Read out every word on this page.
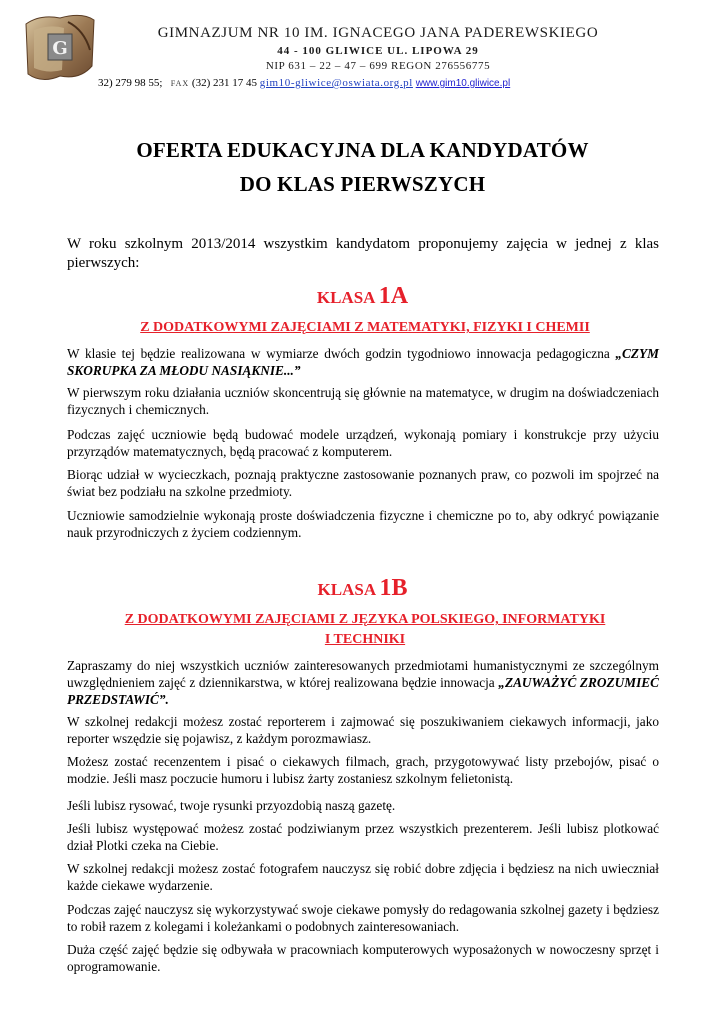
G
GIMNAZJUM NR 10 IM. IGNACEGO JANA PADEREWSKIEGO
44 - 100 GLIWICE UL. LIPOWA 29
NIP 631 – 22 – 47 – 699 REGON 276556775
32) 279 98 55; FAX (32) 231 17 45 gim10-gliwice@oswiata.org.pl www.gim10.gliwice.pl
OFERTA EDUKACYJNA DLA KANDYDATÓW
DO KLAS PIERWSZYCH
W roku szkolnym 2013/2014 wszystkim kandydatom proponujemy zajęcia w jednej z klas pierwszych:
KLASA 1A
Z DODATKOWYMI ZAJĘCIAMI Z MATEMATYKI, FIZYKI I CHEMII
W klasie tej będzie realizowana w wymiarze dwóch godzin tygodniowo innowacja pedagogiczna „CZYM SKORUPKA ZA MŁODU NASIĄKNIE...”
W pierwszym roku działania uczniów skoncentrują się głównie na matematyce, w drugim na doświadczeniach fizycznych i chemicznych.
Podczas zajęć uczniowie będą budować modele urządzeń, wykonają pomiary i konstrukcje przy użyciu przyrządów matematycznych, będą pracować z komputerem.
Biorąc udział w wycieczkach, poznają praktyczne zastosowanie poznanych praw, co pozwoli im spojrzeć na świat bez podziału na szkolne przedmioty.
Uczniowie samodzielnie wykonają proste doświadczenia fizyczne i chemiczne po to, aby odkryć powiązanie nauk przyrodniczych z życiem codziennym.
KLASA 1B
Z DODATKOWYMI ZAJĘCIAMI Z JĘZYKA POLSKIEGO, INFORMATYKI
I TECHNIKI
Zapraszamy do niej wszystkich uczniów zainteresowanych przedmiotami humanistycznymi ze szczególnym uwzględnieniem zajęć z dziennikarstwa, w której realizowana będzie innowacja „ZAUWAŻYĆ ZROZUMIEĆ PRZEDSTAWIĆ”.
W szkolnej redakcji możesz zostać reporterem i zajmować się poszukiwaniem ciekawych informacji, jako reporter wszędzie się pojawisz, z każdym porozmawiasz.
Możesz zostać recenzentem i pisać o ciekawych filmach, grach, przygotowywać listy przebojów, pisać o modzie. Jeśli masz poczucie humoru i lubisz żarty zostaniesz szkolnym felietonistą.
Jeśli lubisz rysować, twoje rysunki przyozdobią naszą gazetę.
Jeśli lubisz występować możesz zostać podziwianym przez wszystkich prezenterem. Jeśli lubisz plotkować dział Plotki czeka na Ciebie.
W szkolnej redakcji możesz zostać fotografem nauczysz się robić dobre zdjęcia i będziesz na nich uwieczniał każde ciekawe wydarzenie.
Podczas zajęć nauczysz się wykorzystywać swoje ciekawe pomysły do redagowania szkolnej gazety i będziesz to robił razem z kolegami i koleżankami o podobnych zainteresowaniach.
Duża część zajęć będzie się odbywała w pracowniach komputerowych wyposażonych w nowoczesny sprzęt i oprogramowanie.
